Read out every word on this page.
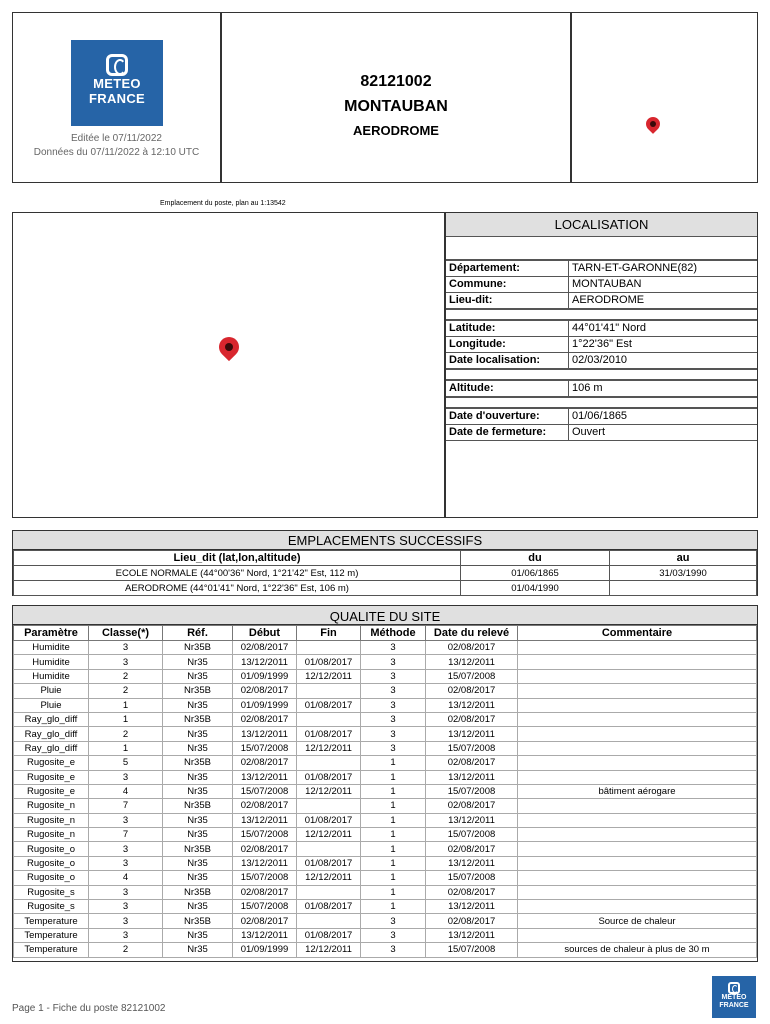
METEO
FRANCE
Editée le 07/11/2022
Données du 07/11/2022 à 12:10 UTC
82121002
MONTAUBAN
AERODROME
Emplacement du poste, plan au 1:13542
LOCALISATION
Département:	TARN-ET-GARONNE(82)
Commune:	MONTAUBAN
Lieu-dit:	AERODROME
Latitude:	44°01'41" Nord
Longitude:	1°22'36" Est
Date localisation:	02/03/2010
Altitude:	106 m
Date d'ouverture:	01/06/1865
Date de fermeture: Ouvert
EMPLACEMENTS SUCCESSIFS
Lieu_dit (lat,lon,altitude)	du	au
ECOLE NORMALE (44°00'36" Nord, 1°21'42" Est, 112 m)	01/06/1865	31/03/1990
AERODROME (44°01'41" Nord, 1°22'36" Est, 106 m)	01/04/1990	
QUALITE DU SITE
Paramètre	Classe(*)	Réf.	Début	Fin	Méthode	Date du relevé	Commentaire
Humidite	3	Nr35B	02/08/2017		3	02/08/2017	
Humidite	3	Nr35	13/12/2011	01/08/2017	3	13/12/2011	
Humidite	2	Nr35	01/09/1999	12/12/2011	3	15/07/2008	
Pluie	2	Nr35B	02/08/2017		3	02/08/2017	
Pluie	1	Nr35	01/09/1999	01/08/2017	3	13/12/2011	
Ray_glo_diff	1	Nr35B	02/08/2017		3	02/08/2017	
Ray_glo_diff	2	Nr35	13/12/2011	01/08/2017	3	13/12/2011	
Ray_glo_diff	1	Nr35	15/07/2008	12/12/2011	3	15/07/2008	
Rugosite_e	5	Nr35B	02/08/2017		1	02/08/2017	
Rugosite_e	3	Nr35	13/12/2011	01/08/2017	1	13/12/2011	
Rugosite_e	4	Nr35	15/07/2008	12/12/2011	1	15/07/2008	bâtiment aérogare
Rugosite_n	7	Nr35B	02/08/2017		1	02/08/2017	
Rugosite_n	3	Nr35	13/12/2011	01/08/2017	1	13/12/2011	
Rugosite_n	7	Nr35	15/07/2008	12/12/2011	1	15/07/2008	
Rugosite_o	3	Nr35B	02/08/2017		1	02/08/2017	
Rugosite_o	3	Nr35	13/12/2011	01/08/2017	1	13/12/2011	
Rugosite_o	4	Nr35	15/07/2008	12/12/2011	1	15/07/2008	
Rugosite_s	3	Nr35B	02/08/2017		1	02/08/2017	
Rugosite_s	3	Nr35	15/07/2008	01/08/2017	1	13/12/2011	
Temperature	3	Nr35B	02/08/2017		3	02/08/2017	Source de chaleur
Temperature	3	Nr35	13/12/2011	01/08/2017	3	13/12/2011	
Temperature	2	Nr35	01/09/1999	12/12/2011	3	15/07/2008	sources de chaleur à plus de 30 m
Page 1 - Fiche du poste 82121002
METEO
FRANCE
